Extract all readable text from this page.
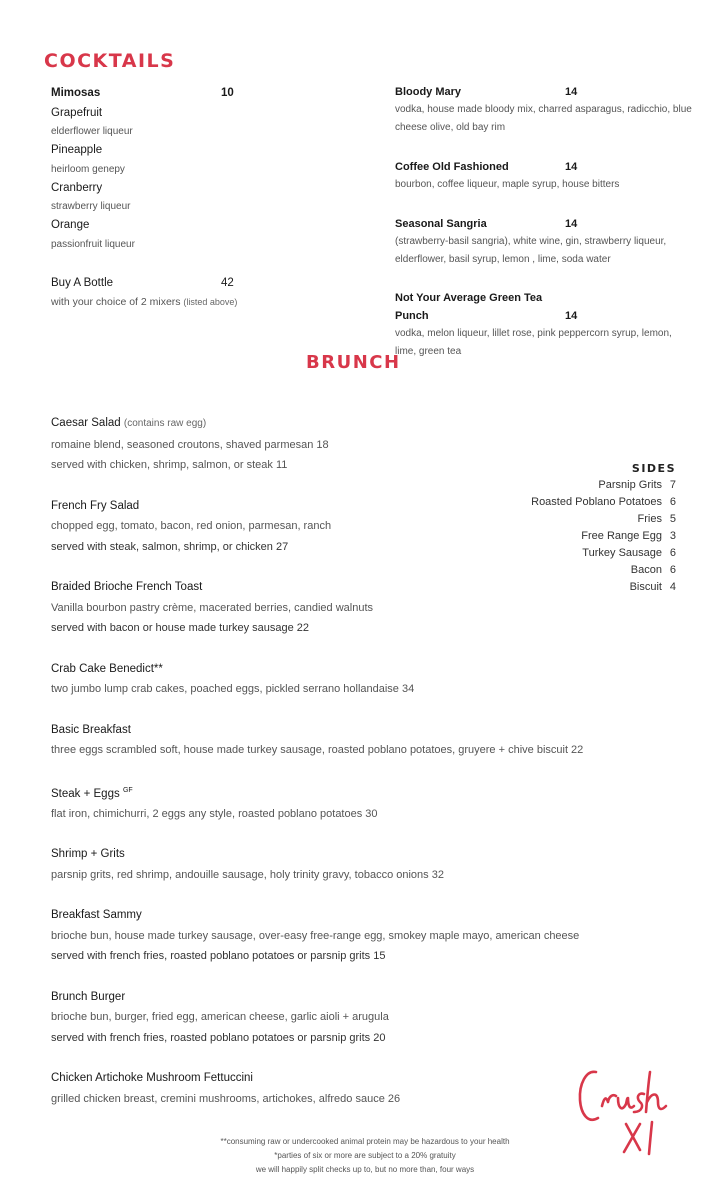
COCKTAILS
Mimosas	10
Grapefruit
elderflower liqueur
Pineapple
heirloom genepy
Cranberry
strawberry liqueur
Orange
passionfruit liqueur
Buy A Bottle	42
with your choice of 2 mixers (listed above)
Bloody Mary	14
vodka, house made bloody mix, charred asparagus, radicchio, blue cheese olive, old bay rim
Coffee Old Fashioned	14
bourbon, coffee liqueur, maple syrup, house bitters
Seasonal Sangria	14
(strawberry-basil sangria), white wine, gin, strawberry liqueur, elderflower, basil syrup, lemon , lime, soda water
Not Your Average Green Tea Punch	14
vodka, melon liqueur, lillet rose, pink peppercorn syrup, lemon, lime, green tea
BRUNCH
Caesar Salad (contains raw egg)
romaine blend, seasoned croutons, shaved parmesan 18
served with chicken, shrimp, salmon, or steak 11
French Fry Salad
chopped egg, tomato, bacon, red onion, parmesan, ranch
served with steak, salmon, shrimp, or chicken 27
Braided Brioche French Toast
Vanilla bourbon pastry crème, macerated berries, candied walnuts
served with bacon or house made turkey sausage 22
Crab Cake Benedict**
two jumbo lump crab cakes, poached eggs, pickled serrano hollandaise 34
Basic Breakfast
three eggs scrambled soft, house made turkey sausage, roasted poblano potatoes, gruyere + chive biscuit 22
Steak + Eggs $^{GF}$
flat iron, chimichurri, 2 eggs any style, roasted poblano potatoes 30
Shrimp + Grits
parsnip grits, red shrimp, andouille sausage, holy trinity gravy, tobacco onions 32
Breakfast Sammy
brioche bun, house made turkey sausage, over-easy free-range egg, smokey maple mayo, american cheese
served with french fries, roasted poblano potatoes or parsnip grits 15
Brunch Burger
brioche bun, burger, fried egg, american cheese, garlic aioli + arugula
served with french fries, roasted poblano potatoes or parsnip grits 20
Chicken Artichoke Mushroom Fettuccini
grilled chicken breast, cremini mushrooms, artichokes, alfredo sauce 26
SIDES
Parsnip Grits 7
Roasted Poblano Potatoes 6
Fries 5
Free Range Egg 3
Turkey Sausage 6
Bacon 6
Biscuit 4
**consuming raw or undercooked animal protein may be hazardous to your health
*parties of six or more are subject to a 20% gratuity
we will happily split checks up to, but no more than, four ways
